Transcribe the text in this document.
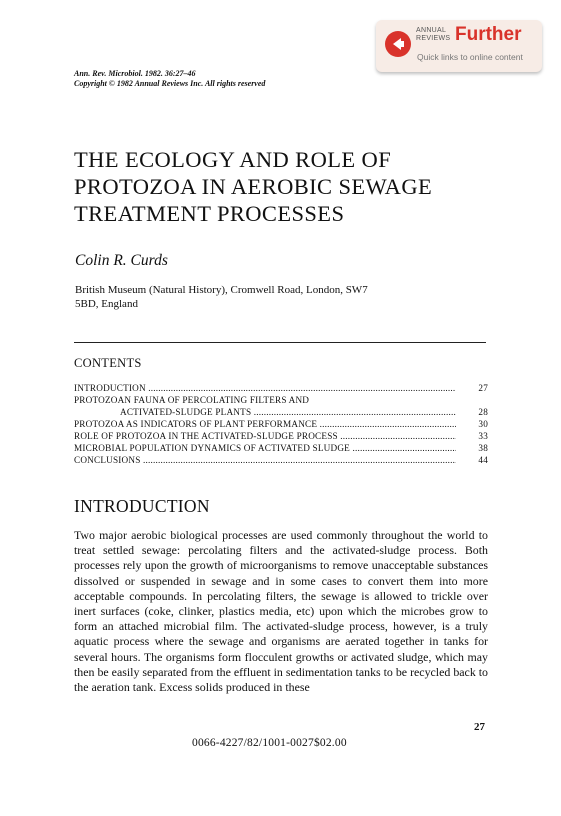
ANNUAL
REVIEWS Further
Quick links to online content
Ann. Rev. Microbiol. 1982. 36:27–46
Copyright © 1982 Annual Reviews Inc. All rights reserved
THE ECOLOGY AND ROLE OF
PROTOZOA IN AEROBIC SEWAGE
TREATMENT PROCESSES
Colin R. Curds
British Museum (Natural History), Cromwell Road, London, SW7
5BD, England
CONTENTS
INTRODUCTION .....	27
PROTOZOAN FAUNA OF PERCOLATING FILTERS AND
ACTIVATED-SLUDGE PLANTS .....	28
PROTOZOA AS INDICATORS OF PLANT PERFORMANCE .....	30
ROLE OF PROTOZOA IN THE ACTIVATED-SLUDGE PROCESS .....	33
MICROBIAL POPULATION DYNAMICS OF ACTIVATED SLUDGE .....	38
CONCLUSIONS .....	44
INTRODUCTION
Two major aerobic biological processes are used commonly throughout the world to treat settled sewage: percolating filters and the activated-sludge process. Both processes rely upon the growth of microorganisms to remove unacceptable substances dissolved or suspended in sewage and in some cases to convert them into more acceptable compounds. In percolating filters, the sewage is allowed to trickle over inert surfaces (coke, clinker, plastics media, etc) upon which the microbes grow to form an attached microbial film. The activated-sludge process, however, is a truly aquatic process where the sewage and organisms are aerated together in tanks for several hours. The organisms form flocculent growths or activated sludge, which may then be easily separated from the effluent in sedimentation tanks to be recycled back to the aeration tank. Excess solids produced in these
27
0066-4227/82/1001-0027$02.00
